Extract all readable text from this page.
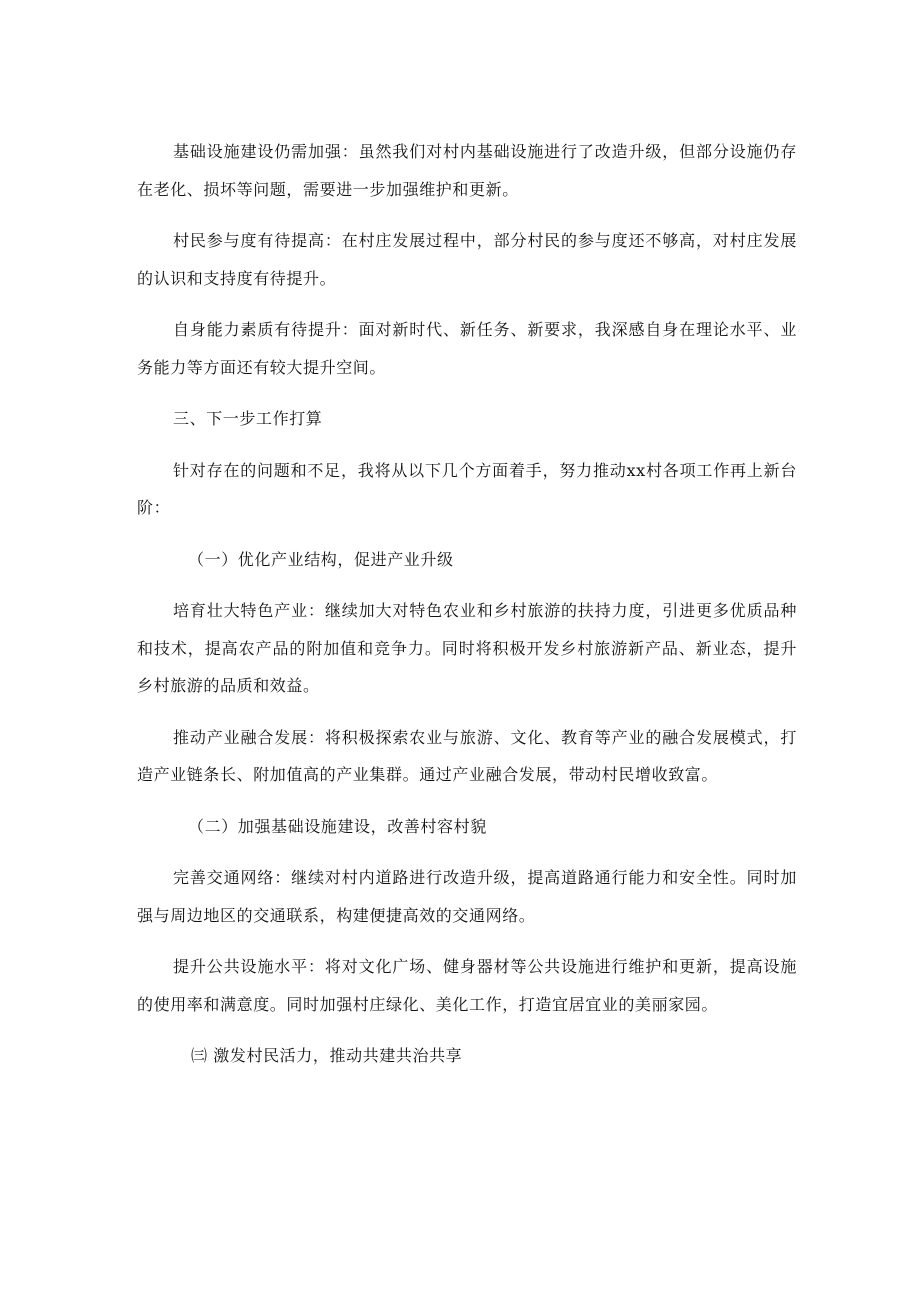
基础设施建设仍需加强：虽然我们对村内基础设施进行了改造升级，但部分设施仍存在老化、损坏等问题，需要进一步加强维护和更新。

村民参与度有待提高：在村庄发展过程中，部分村民的参与度还不够高，对村庄发展的认识和支持度有待提升。

自身能力素质有待提升：面对新时代、新任务、新要求，我深感自身在理论水平、业务能力等方面还有较大提升空间。

三、下一步工作打算

针对存在的问题和不足，我将从以下几个方面着手，努力推动xx村各项工作再上新台阶：

（一）优化产业结构，促进产业升级

培育壮大特色产业：继续加大对特色农业和乡村旅游的扶持力度，引进更多优质品种和技术，提高农产品的附加值和竞争力。同时将积极开发乡村旅游新产品、新业态，提升乡村旅游的品质和效益。

推动产业融合发展：将积极探索农业与旅游、文化、教育等产业的融合发展模式，打造产业链条长、附加值高的产业集群。通过产业融合发展，带动村民增收致富。

（二）加强基础设施建设，改善村容村貌

完善交通网络：继续对村内道路进行改造升级，提高道路通行能力和安全性。同时加强与周边地区的交通联系，构建便捷高效的交通网络。

提升公共设施水平：将对文化广场、健身器材等公共设施进行维护和更新，提高设施的使用率和满意度。同时加强村庄绿化、美化工作，打造宜居宜业的美丽家园。

㈢ 激发村民活力，推动共建共治共享
